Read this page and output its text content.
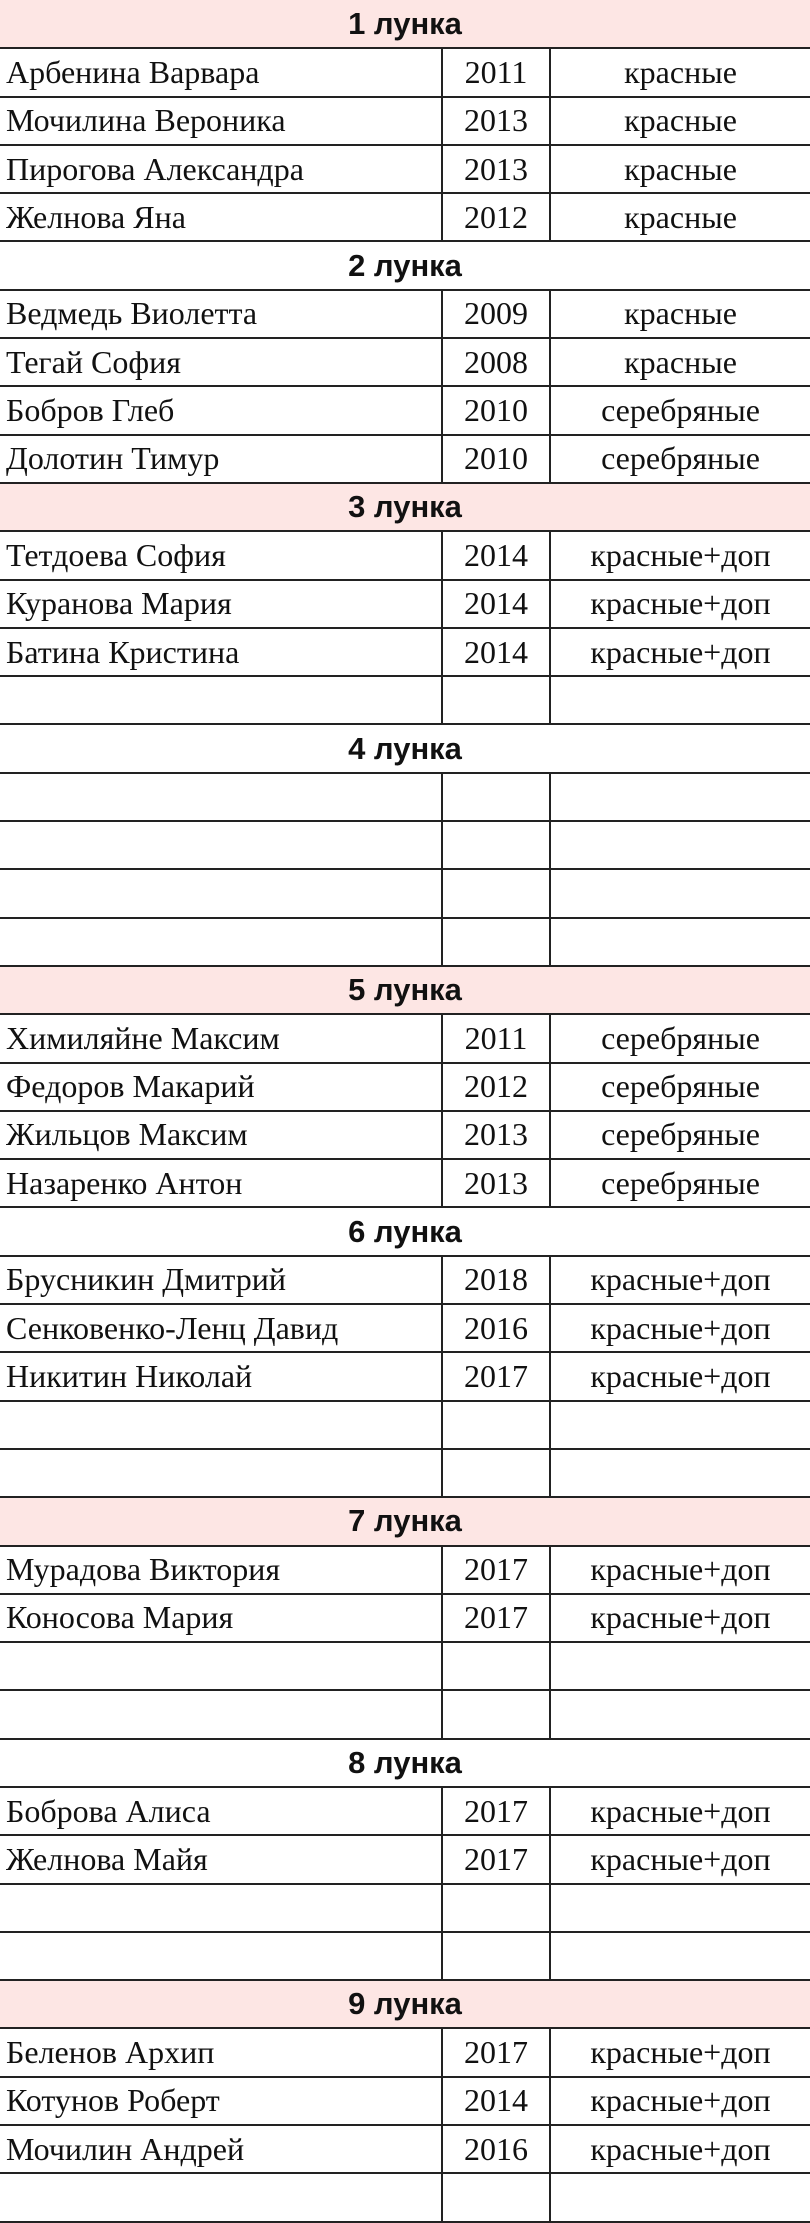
1 лунка		
Арбенина Варвара	2011	красные
Мочилина Вероника	2013	красные
Пирогова Александра	2013	красные
Желнова Яна	2012	красные
2 лунка		
Ведмедь Виолетта	2009	красные
Тегай София	2008	красные
Бобров Глеб	2010	серебряные
Долотин Тимур	2010	серебряные
3 лунка		
Тетдоева София	2014	красные+доп
Куранова Мария	2014	красные+доп
Батина Кристина	2014	красные+доп

4 лунка		

5 лунка		
Химиляйне Максим	2011	серебряные
Федоров Макарий	2012	серебряные
Жильцов Максим	2013	серебряные
Назаренко Антон	2013	серебряные
6 лунка		
Брусникин Дмитрий	2018	красные+доп
Сенковенко-Ленц Давид	2016	красные+доп
Никитин Николай	2017	красные+доп

7 лунка		
Мурадова Виктория	2017	красные+доп
Коносова Мария	2017	красные+доп

8 лунка		
Боброва Алиса	2017	красные+доп
Желнова Майя	2017	красные+доп

9 лунка		
Беленов Архип	2017	красные+доп
Котунов Роберт	2014	красные+доп
Мочилин Андрей	2016	красные+доп
